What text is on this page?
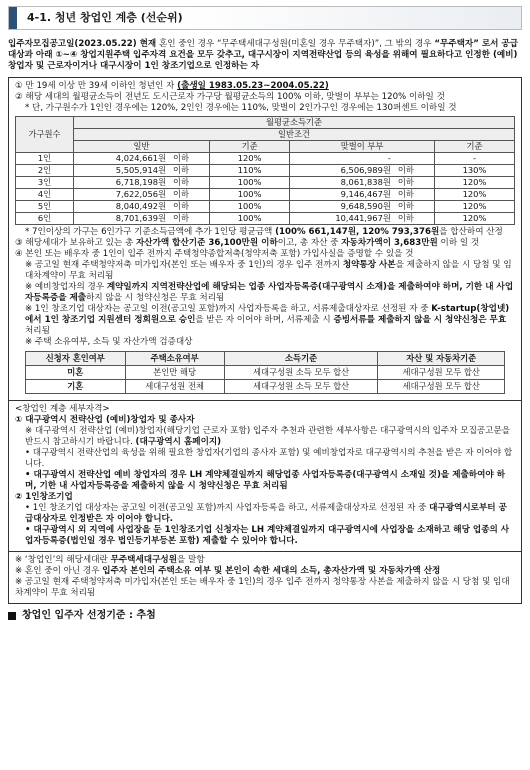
4-1. 청년 창업인 계층 (선순위)
입주자모집공고일(2023.05.22) 현재 혼인 중인 경우 “무주택세대구성원(미혼일 경우 무주택자)”, 그 밖의 경우 “무주택자” 로서 공급대상과 아래 ①~④ 창업지원주택 입주자격 요건을 모두 갖추고, 대구시장이 지역전략산업 등의 육성을 위해여 필요하다고 인정한 (예비)창업자 및 근로자이거나 대구시장이 1인 창조기업으로 인정하는 자
① 만 19세 이상 만 39세 이하인 청년인 자 (출생일 1983.05.23~2004.05.22)
② 해당 세대의 월평균소득이 전년도 도시근로자 가구당 월평균소득의 100% 이하, 맞벌이 부부는 120% 이하일 것
* 단, 가구원수가 1인인 경우에는 120%, 2인인 경우에는 110%, 맞벌이 2인가구인 경우에는 130퍼센트 이하일 것
가구원수	월평균소득기준					
	일반조건					
	일반		기준	맞벌이 부부		기준
1인	4,024,661원	이하	120%	-		-
2인	5,505,914원	이하	110%	6,506,989원	이하	130%
3인	6,718,198원	이하	100%	8,061,838원	이하	120%
4인	7,622,056원	이하	100%	9,146,467원	이하	120%
5인	8,040,492원	이하	100%	9,648,590원	이하	120%
6인	8,701,639원	이하	100%	10,441,967원	이하	120%
* 7인이상의 가구는 6인가구 기준소득금액에 추가 1인당 평균금액 (100% 661,147원, 120% 793,376원을 합산하여 산정
③ 해당세대가 보유하고 있는 총 자산가액 합산기준 36,100만원 이하이고, 총 자산 중 자동차가액이 3,683만원 이하 일 것
④ 본인 또는 배우자 중 1인이 입주 전까지 주택청약종합저축(청약저축 포함) 가입사실을 증명할 수 있을 것
※ 공고일 현재 주택청약저축 미가입자(본인 또는 배우자 중 1인)의 경우 입주 전까지 청약통장 사본을 제출하지 않을 시 당첨 및 임대차계약이 무효 처리됨
※ 예비창업자의 경우 계약일까지 지역전략산업에 해당되는 업종 사업자등록증(대구광역시 소재)을 제출하여야 하며, 기한 내 사업자등록증을 제출하지 않을 시 청약신청은 무효 처리됨
※ 1인 창조기업 대상자는 공고일 이전(공고일 포함)까지 사업자등록을 하고, 서류제출대상자로 선정된 자 중 K-startup(창업넷)에서 1인 창조기업 지원센터 정회원으로 승인을 받은 자 이어야 하며, 서류제출 시 증빙서류를 제출하지 않을 시 청약신청은 무효 처리됨
※ 주택 소유여부, 소득 및 자산가액 검증대상
신청자 혼인여부	주택소유여부	소득기준	자산 및 자동차기준
미혼	본인만 해당	세대구성원 소득 모두 합산	세대구성원 모두 합산
기혼	세대구성원 전체	세대구성원 소득 모두 합산	세대구성원 모두 합산
<창업인 계층 세부자격>
① 대구광역시 전략산업 (예비)창업자 및 종사자
※ 대구광역시 전략산업 (예비)창업자(해당기업 근로자 포함) 입주자 추천과 관련한 세부사항은 대구광역시의 입주자 모집공고문을 반드시 참고하시기 바랍니다. (대구광역시 홈페이지)
• 대구광역시 전략산업의 육성을 위해 필요한 창업자(기업의 종사자 포함) 및 예비창업자로 대구광역시의 추천을 받은 자 이어야 합니다.
• 대구광역시 전략산업 예비 창업자의 경우 LH 계약체결일까지 해당업종 사업자등록증(대구광역시 소재일 것)을 제출하여야 하며, 기한 내 사업자등록증을 제출하지 않을 시 청약신청은 무효 처리됨
② 1인창조기업
• 1인 창조기업 대상자는 공고일 이전(공고일 포함)까지 사업자등록을 하고, 서류제출대상자로 선정된 자 중 대구광역시로부터 공급대상자로 인정받은 자 이어야 합니다.
• 대구광역시 외 지역에 사업장을 둔 1인창조기업 신청자는 LH 계약체결일까지 대구광역시에 사업장을 소재하고 해당 업종의 사업자등록증(법인일 경우 법인등기부등본 포함) 제출할 수 있어야 합니다.
※ ‘창업인’의 해당세대란 무주택세대구성원을 말함
※ 혼인 중이 아닌 경우 입주자 본인의 주택소유 여부 및 본인이 속한 세대의 소득, 총자산가액 및 자동차가액 산정
※ 공고일 현재 주택청약저축 미가입자(본인 또는 배우자 중 1인)의 경우 입주 전까지 청약통장 사본을 제출하지 않을 시 당첨 및 임대차계약이 무효 처리됨
창업인 입주자 선정기준 : 추첨
